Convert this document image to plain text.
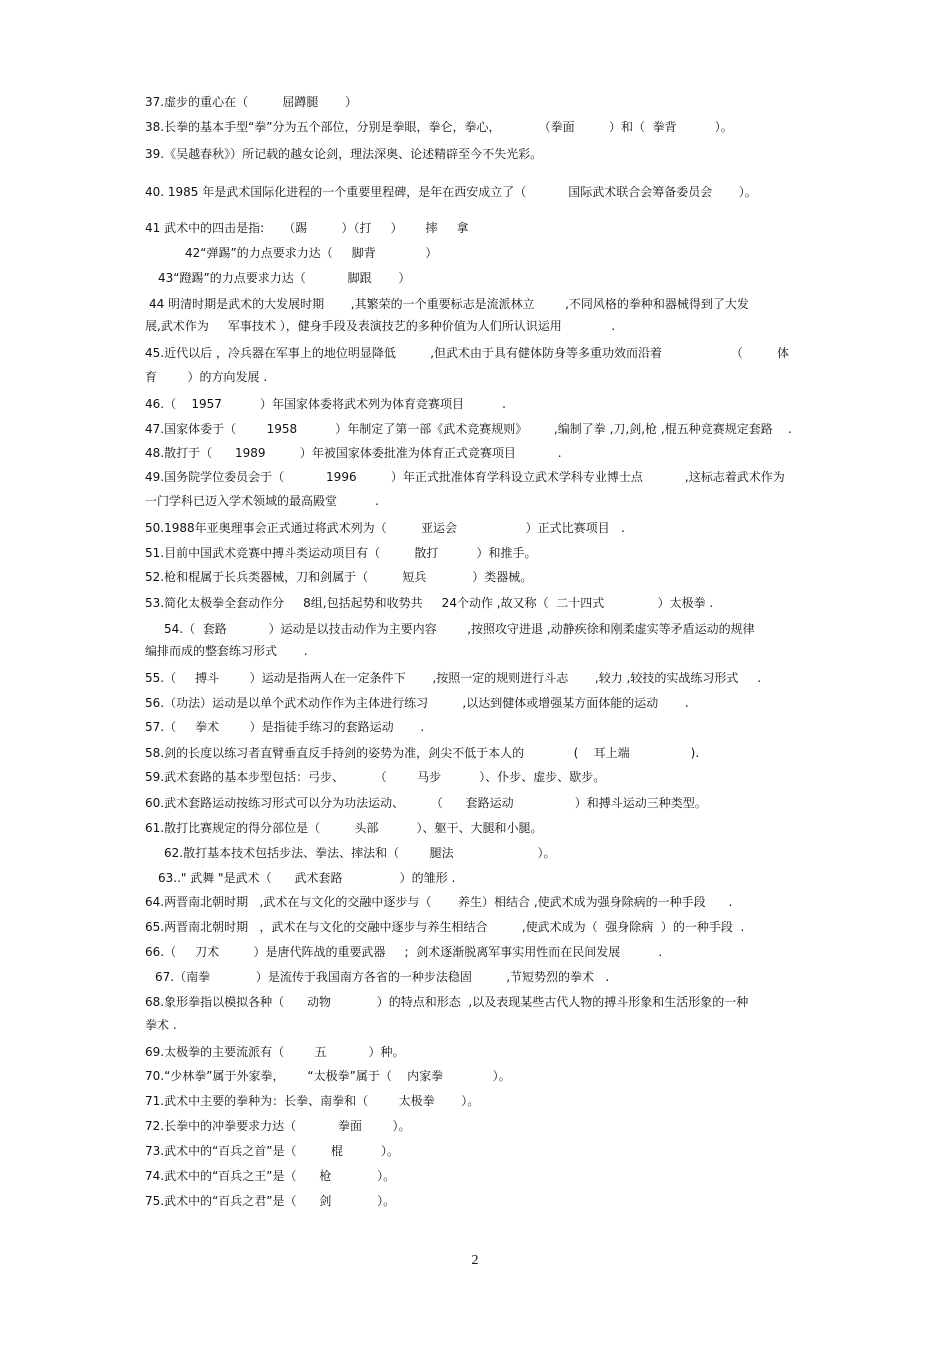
37.虚步的重心在（         屈蹲腿       ）
38.长拳的基本手型“拳”分为五个部位，分别是拳眼，拳仑，拳心，          （拳面         ）和（  拳背          ）。
39.《吴越春秋》）所记载的越女论剑，理法深奥、论述精辟至今不失光彩。
40. 1985 年是武术国际化进程的一个重要里程碑，是年在西安成立了（           国际武术联合会筹备委员会       ）。
41 武术中的四击是指:     （踢         ）（打     ）      摔     拿
42“弹踢”的力点要求力达（     脚背             ）
43“蹬踢”的力点要求力达（           脚跟       ）
44 明清时期是武术的大发展时期       ,其繁荣的一个重要标志是流派林立        ,不同风格的拳种和器械得到了大发
展,武术作为     军事技术 ），健身手段及表演技艺的多种价值为人们所认识运用             .
45.近代以后 ，冷兵器在军事上的地位明显降低         ,但武术由于具有健体防身等多重功效而沿着                  （         体
育        ）的方向发展 .
46.（    1957          ）年国家体委将武术列为体育竞赛项目          .
47.国家体委于（        1958          ）年制定了第一部《武术竞赛规则》       ,编制了拳 ,刀,剑,枪 ,棍五种竞赛规定套路    .
48.散打于（      1989         ）年被国家体委批准为体育正式竞赛项目           .
49.国务院学位委员会于（           1996         ）年正式批准体育学科设立武术学科专业博士点           ,这标志着武术作为
一门学科已迈入学术领域的最高殿堂          .
50.1988年亚奥理事会正式通过将武术列为（         亚运会                  ）正式比赛项目   .
51.目前中国武术竞赛中搏斗类运动项目有（         散打          ）和推手。
52.枪和棍属于长兵类器械，刀和剑属于（         短兵            ）类器械。
53.简化太极拳全套动作分     8组,包括起势和收势共     24个动作 ,故又称（  二十四式              ）太极拳 .
54.（  套路           ）运动是以技击动作为主要内容        ,按照攻守进退 ,动静疾徐和刚柔虚实等矛盾运动的规律
编排而成的整套练习形式       .
55.（     搏斗        ）运动是指两人在一定条件下       ,按照一定的规则进行斗志       ,较力 ,较技的实战练习形式     .
56.（功法）运动是以单个武术动作作为主体进行练习         ,以达到健体或增强某方面体能的运动       .
57.（     拳术        ）是指徒手练习的套路运动       .
58.剑的长度以练习者直臂垂直反手持剑的姿势为准，剑尖不低于本人的             (    耳上端                ).
59.武术套路的基本步型包括：弓步、        （        马步          ）、仆步、虚步、歇步。
60.武术套路运动按练习形式可以分为功法运动、       （      套路运动                ）和搏斗运动三种类型。
61.散打比赛规定的得分部位是（         头部          ）、躯干、大腿和小腿。
62.散打基本技术包括步法、拳法、摔法和（        腿法                      ）。
63.." 武舞 "是武术（      武术套路               ）的雏形 .
64.两晋南北朝时期   ,武术在与文化的交融中逐步与（       养生）相结合 ,使武术成为强身除病的一种手段      .
65.两晋南北朝时期   ，武术在与文化的交融中逐步与养生相结合         ,使武术成为（  强身除病  ）的一种手段  .
66.（     刀术         ）是唐代阵战的重要武器     ;  剑术逐渐脱离军事实用性而在民间发展          .
67.（南拳            ）是流传于我国南方各省的一种步法稳固         ,节短势烈的拳术   .
68.象形拳指以模拟各种（      动物            ）的特点和形态  ,以及表现某些古代人物的搏斗形象和生活形象的一种
拳术 .
69.太极拳的主要流派有（        五           ）种。
70.“少林拳”属于外家拳，      “太极拳”属于（    内家拳             ）。
71.武术中主要的拳种为：长拳、南拳和（        太极拳       ）。
72.长拳中的冲拳要求力达（           拳面        ）。
73.武术中的“百兵之首”是（         棍          ）。
74.武术中的“百兵之王”是（      枪            ）。
75.武术中的“百兵之君”是（      剑            ）。
2
